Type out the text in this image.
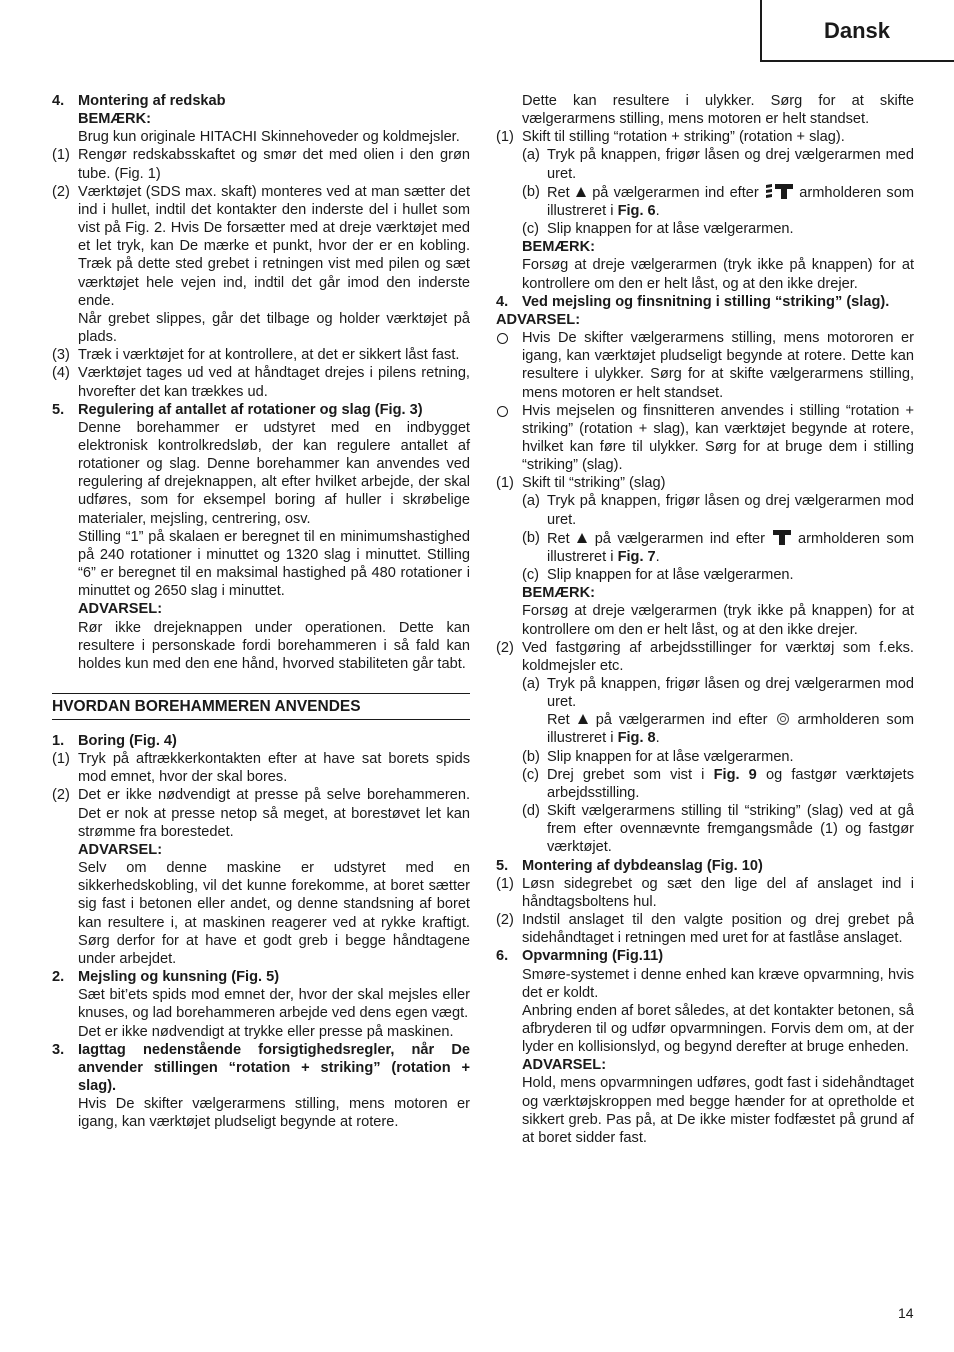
Dansk

4. Montering af redskab

BEMÆRK:

Brug kun originale HITACHI Skinnehoveder og koldmejsler.

(1) Rengør redskabsskaftet og smør det med olien i den grøn tube. (Fig. 1)

(2) Værktøjet (SDS max. skaft) monteres ved at man sætter det ind i hullet, indtil det kontakter den inderste del i hullet som vist på Fig. 2. Hvis De forsætter med at dreje værktøjet med et let tryk, kan De mærke et punkt, hvor der er en kobling. Træk på dette sted grebet i retningen vist med pilen og sæt værktøjet hele vejen ind, indtil det går imod den inderste ende.

Når grebet slippes, går det tilbage og holder værktøjet på plads.

(3) Træk i værktøjet for at kontrollere, at det er sikkert låst fast.

(4) Værktøjet tages ud ved at håndtaget drejes i pilens retning, hvorefter det kan trækkes ud.

5. Regulering af antallet af rotationer og slag (Fig. 3)

Denne borehammer er udstyret med en indbygget elektronisk kontrolkredsløb, der kan regulere antallet af rotationer og slag. Denne borehammer kan anvendes ved regulering af drejeknappen, alt efter hvilket arbejde, der skal udføres, som for eksempel boring af huller i skrøbelige materialer, mejsling, centrering, osv.

Stilling “1” på skalaen er beregnet til en minimumshastighed på 240 rotationer i minuttet og 1320 slag i minuttet. Stilling “6” er beregnet til en maksimal hastighed på 480 rotationer i minuttet og 2650 slag i minuttet.

ADVARSEL:

Rør ikke drejeknappen under operationen. Dette kan resultere i personskade fordi borehammeren i så fald kan holdes kun med den ene hånd, hvorved stabiliteten går tabt.

HVORDAN BOREHAMMEREN ANVENDES

1. Boring (Fig. 4)

(1) Tryk på aftrækkerkontakten efter at have sat borets spids mod emnet, hvor der skal bores.

(2) Det er ikke nødvendigt at presse på selve borehammeren. Det er nok at presse netop så meget, at borestøvet let kan strømme fra borestedet.

ADVARSEL:

Selv om denne maskine er udstyret med en sikkerhedskobling, vil det kunne forekomme, at boret sætter sig fast i betonen eller andet, og denne standsning af boret kan resultere i, at maskinen reagerer ved at rykke kraftigt. Sørg derfor for at have et godt greb i begge håndtagene under arbejdet.

2. Mejsling og kunsning (Fig. 5)

Sæt bit’ets spids mod emnet der, hvor der skal mejsles eller knuses, og lad borehammeren arbejde ved dens egen vægt.

Det er ikke nødvendigt at trykke eller presse på maskinen.

3. Iagttag nedenstående forsigtighedsregler, når De anvender stillingen “rotation + striking” (rotation + slag).

Hvis De skifter vælgerarmens stilling, mens motoren er igang, kan værktøjet pludseligt begynde at rotere.

Dette kan resultere i ulykker. Sørg for at skifte vælgerarmens stilling, mens motoren er helt standset.

(1) Skift til stilling “rotation + striking” (rotation + slag).

(a) Tryk på knappen, frigør låsen og drej vælgerarmen med uret.

(b) Ret på vælgerarmen ind efter	armholderen som illustreret i Fig. 6.

(c) Slip knappen for at låse vælgerarmen.

BEMÆRK:

Forsøg at dreje vælgerarmen (tryk ikke på knappen) for at kontrollere om den er helt låst, og at den ikke drejer.

4. Ved mejsling og finsnitning i stilling “striking” (slag).

ADVARSEL:

Hvis De skifter vælgerarmens stilling, mens motororen er igang, kan værktøjet pludseligt begynde at rotere. Dette kan resultere i ulykker. Sørg for at skifte vælgerarmens stilling, mens motoren er helt standset.

Hvis mejselen og finsnitteren anvendes i stilling “rotation + striking” (rotation + slag), kan værktøjet begynde at rotere, hvilket kan føre til ulykker. Sørg for at bruge dem i stilling “striking” (slag).

(1) Skift til “striking” (slag)

(a) Tryk på knappen, frigør låsen og drej vælgerarmen mod uret.

(b) Ret på vælgerarmen ind efter armholderen som illustreret i Fig. 7.

(c) Slip knappen for at låse vælgerarmen.

BEMÆRK:

Forsøg at dreje vælgerarmen (tryk ikke på knappen) for at kontrollere om den er helt låst, og at den ikke drejer.

(2) Ved fastgøring af arbejdsstillinger for værktøj som f.eks. koldmejsler etc.

(a) Tryk på knappen, frigør låsen og drej vælgerarmen mod uret.

Ret på vælgerarmen ind efter armholderen som illustreret i Fig. 8.

(b) Slip knappen for at låse vælgerarmen.

(c) Drej grebet som vist i Fig. 9 og fastgør værktøjets arbejdsstilling.

(d) Skift vælgerarmens stilling til “striking” (slag) ved at gå frem efter ovennævnte fremgangsmåde (1) og fastgør værktøjet.

5. Montering af dybdeanslag (Fig. 10)

(1) Løsn sidegrebet og sæt den lige del af anslaget ind i håndtagsboltens hul.

(2) Indstil anslaget til den valgte position og drej grebet på sidehåndtaget i retningen med uret for at fastlåse anslaget.

6. Opvarmning (Fig.11)

Smøre-systemet i denne enhed kan kræve opvarmning, hvis det er koldt.

Anbring enden af boret således, at det kontakter betonen, så afbryderen til og udfør opvarmningen. Forvis dem om, at der lyder en kollisionslyd, og begynd derefter at bruge enheden.

ADVARSEL:

Hold, mens opvarmningen udføres, godt fast i sidehåndtaget og værktøjskroppen med begge hænder for at opretholde et sikkert greb. Pas på, at De ikke mister fodfæstet på grund af at boret sidder fast.

14
